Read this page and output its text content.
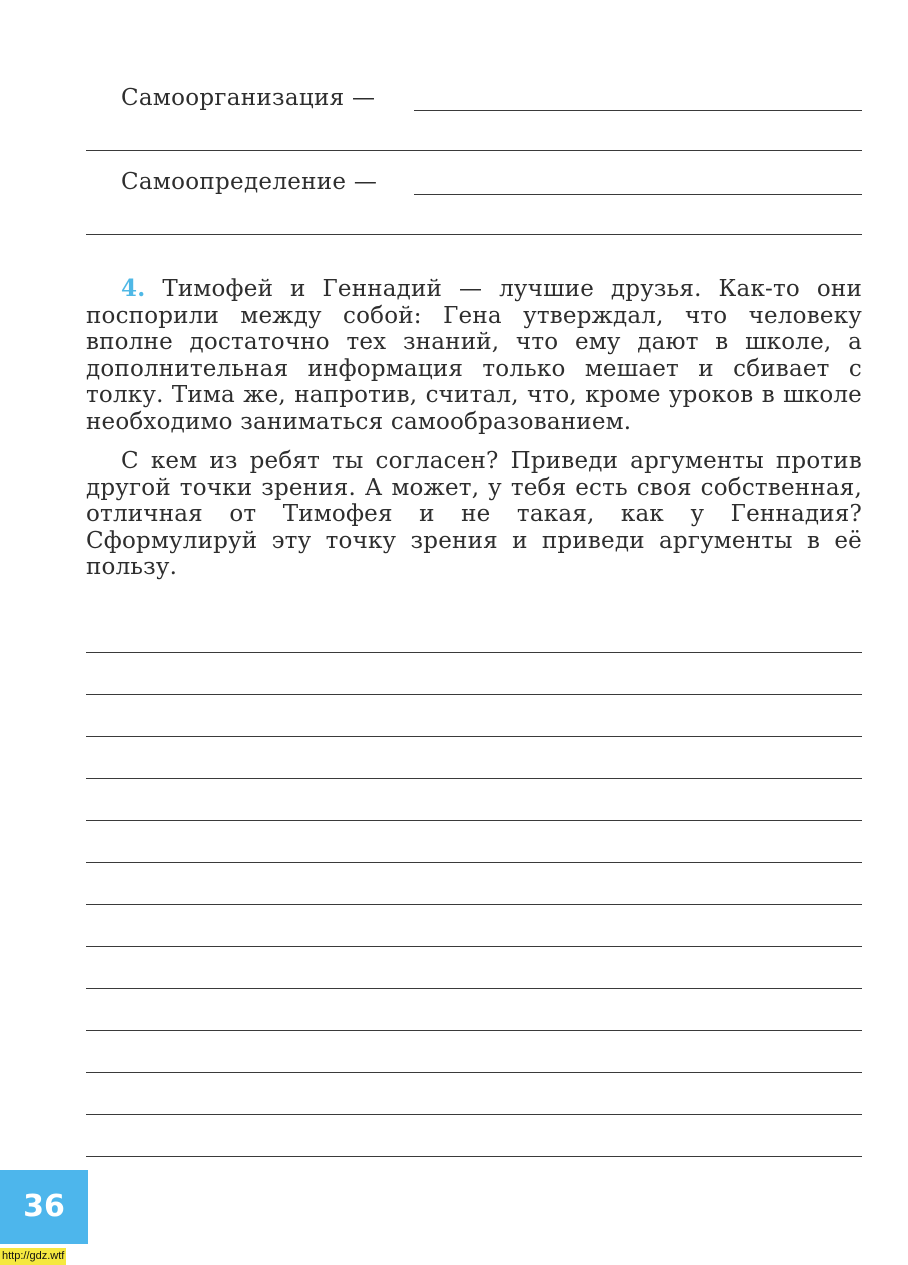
Самоорганизация —
Самоопределение —

4. Тимофей и Геннадий — лучшие друзья. Как-то они поспорили между собой: Гена утверждал, что человеку вполне достаточно тех знаний, что ему дают в школе, а дополнительная информация только мешает и сбивает с толку. Тима же, напротив, считал, что, кроме уроков в школе необходимо заниматься самообразованием.

С кем из ребят ты согласен? Приведи аргументы против другой точки зрения. А может, у тебя есть своя собственная, отличная от Тимофея и не такая, как у Геннадия? Сформулируй эту точку зрения и приведи аргументы в её пользу.

36
http://gdz.wtf
